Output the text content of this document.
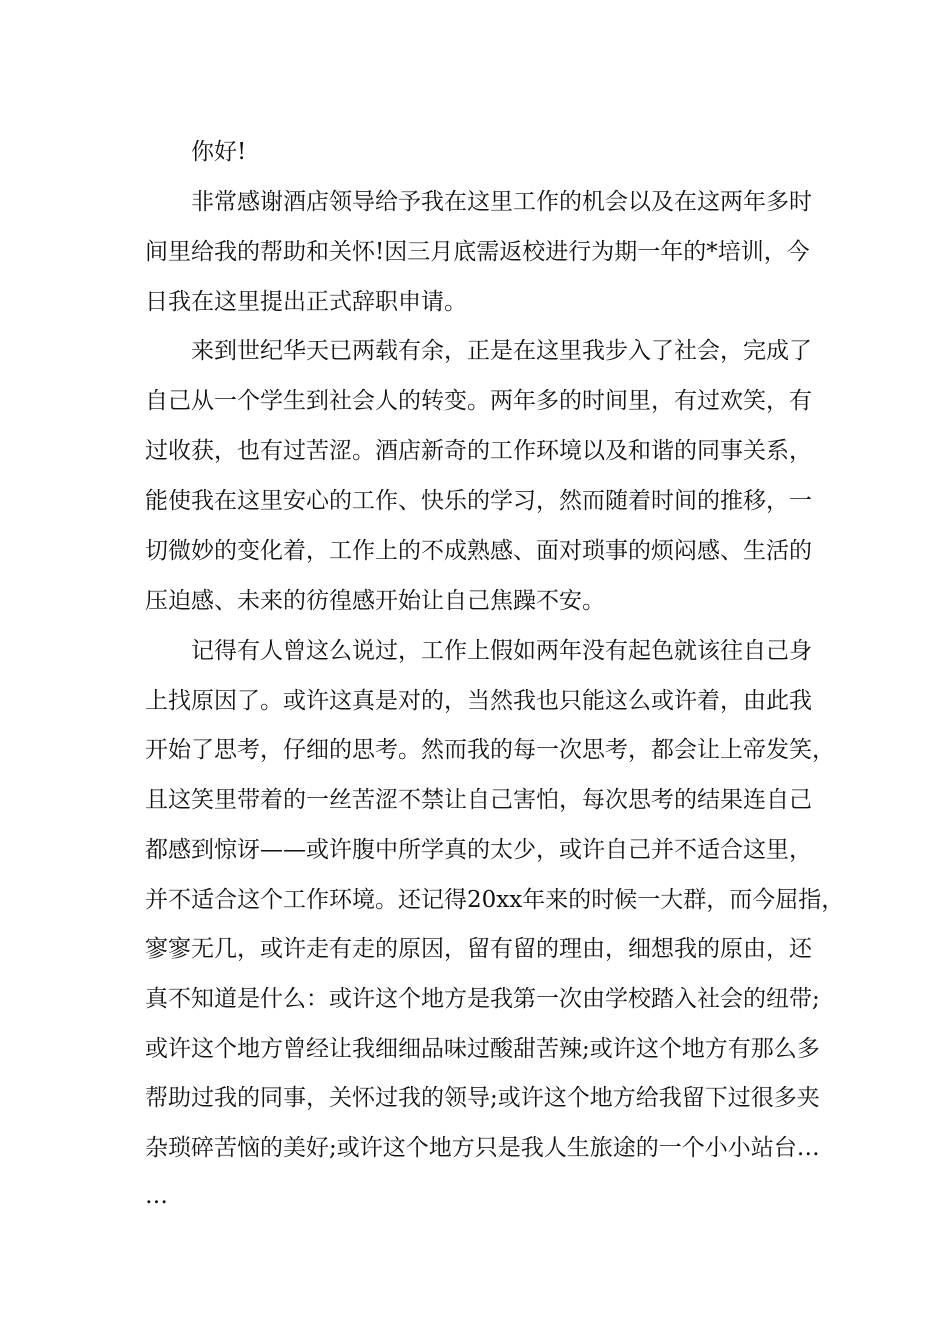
你好!
非常感谢酒店领导给予我在这里工作的机会以及在这两年多时
间里给我的帮助和关怀!因三月底需返校进行为期一年的*培训，今
日我在这里提出正式辞职申请。
来到世纪华天已两载有余，正是在这里我步入了社会，完成了
自己从一个学生到社会人的转变。两年多的时间里，有过欢笑，有
过收获，也有过苦涩。酒店新奇的工作环境以及和谐的同事关系，
能使我在这里安心的工作、快乐的学习，然而随着时间的推移，一
切微妙的变化着，工作上的不成熟感、面对琐事的烦闷感、生活的
压迫感、未来的彷徨感开始让自己焦躁不安。
记得有人曾这么说过，工作上假如两年没有起色就该往自己身
上找原因了。或许这真是对的，当然我也只能这么或许着，由此我
开始了思考，仔细的思考。然而我的每一次思考，都会让上帝发笑，
且这笑里带着的一丝苦涩不禁让自己害怕，每次思考的结果连自己
都感到惊讶——或许腹中所学真的太少，或许自己并不适合这里，
并不适合这个工作环境。还记得20xx年来的时候一大群，而今屈指，
寥寥无几，或许走有走的原因，留有留的理由，细想我的原由，还
真不知道是什么：或许这个地方是我第一次由学校踏入社会的纽带;
或许这个地方曾经让我细细品味过酸甜苦辣;或许这个地方有那么多
帮助过我的同事，关怀过我的领导;或许这个地方给我留下过很多夹
杂琐碎苦恼的美好;或许这个地方只是我人生旅途的一个小小站台…
…
